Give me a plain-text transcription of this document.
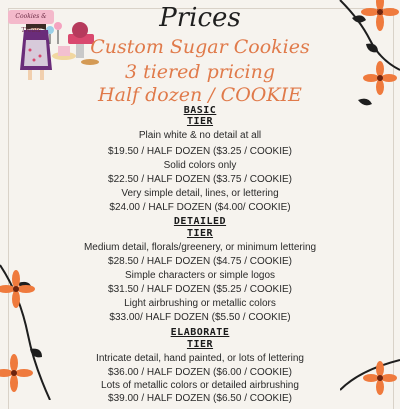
Cookies & Treats	Prices
Custom Sugar Cookies
3 tiered pricing
Half dozen / COOKIE
BASIC
TIER
Plain white & no detail at all
$19.50 / HALF DOZEN ($3.25 / COOKIE)
Solid colors only
$22.50 / HALF DOZEN ($3.75 / COOKIE)
Very simple detail, lines, or lettering
$24.00 / HALF DOZEN ($4.00/ COOKIE)
DETAILED
TIER
Medium detail, florals/greenery, or minimum lettering
$28.50 / HALF DOZEN ($4.75 / COOKIE)
Simple characters or simple logos
$31.50 / HALF DOZEN ($5.25 / COOKIE)
Light airbrushing or metallic colors
$33.00/ HALF DOZEN ($5.50 / COOKIE)
ELABORATE
TIER
Intricate detail, hand painted, or lots of lettering
$36.00 / HALF DOZEN ($6.00 / COOKIE)
Lots of metallic colors or detailed airbrushing
$39.00 / HALF DOZEN ($6.50 / COOKIE)
